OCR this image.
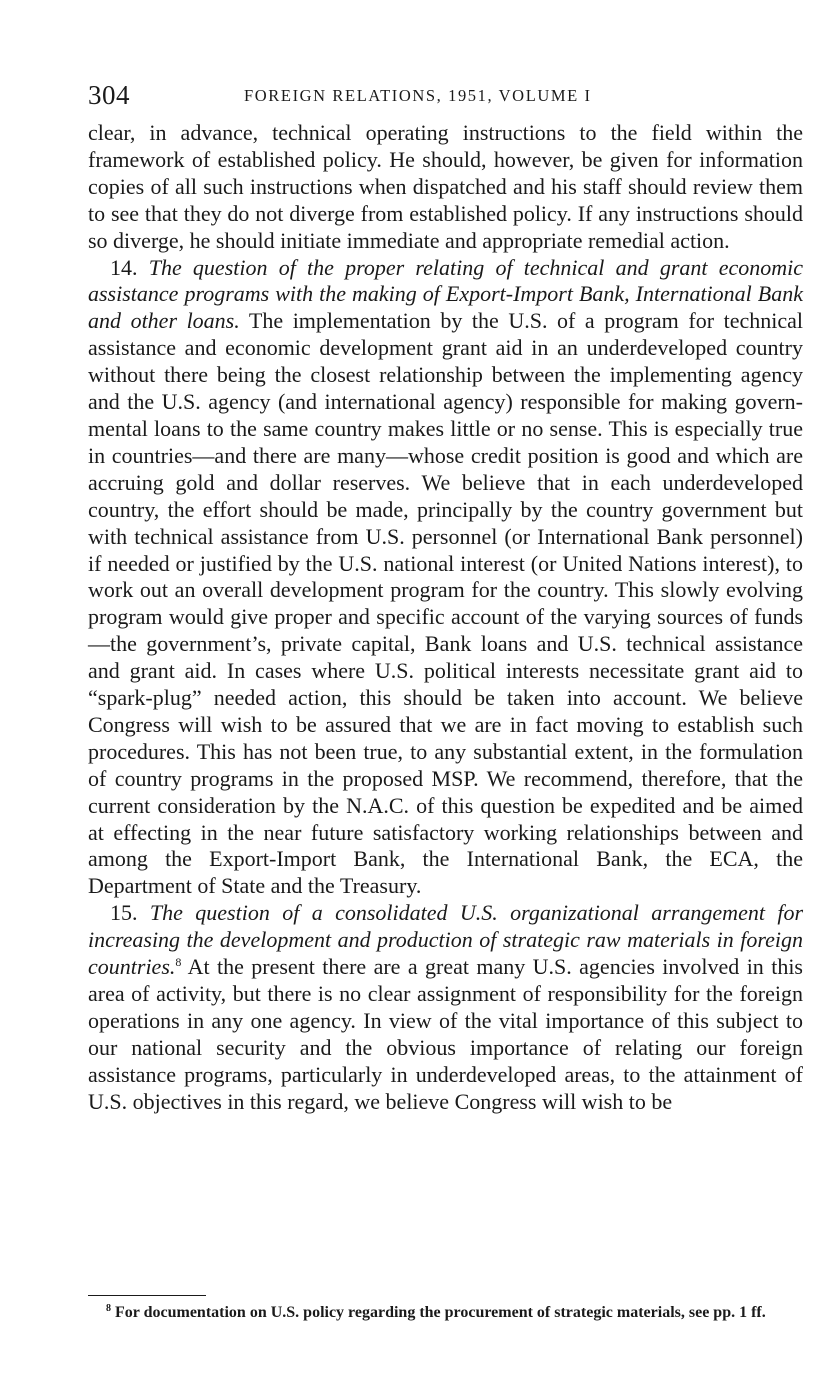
304	FOREIGN RELATIONS, 1951, VOLUME I

clear, in advance, technical operating instructions to the field within the framework of established policy. He should, however, be given for information copies of all such instructions when dispatched and his staff should review them to see that they do not diverge from established policy. If any instructions should so diverge, he should initiate immediate and appropriate remedial action.

14. The question of the proper relating of technical and grant economic assistance programs with the making of Export-Import Bank, International Bank and other loans. The implementation by the U.S. of a program for technical assistance and economic development grant aid in an underdeveloped country without there being the closest relationship between the implementing agency and the U.S. agency (and international agency) responsible for making governmental loans to the same country makes little or no sense. This is especially true in countries—and there are many—whose credit position is good and which are accruing gold and dollar reserves. We believe that in each underdeveloped country, the effort should be made, principally by the country government but with technical assistance from U.S. personnel (or International Bank personnel) if needed or justified by the U.S. national interest (or United Nations interest), to work out an overall development program for the country. This slowly evolving program would give proper and specific account of the varying sources of funds—the government’s, private capital, Bank loans and U.S. technical assistance and grant aid. In cases where U.S. political interests necessitate grant aid to “spark-plug” needed action, this should be taken into account. We believe Congress will wish to be assured that we are in fact moving to establish such procedures. This has not been true, to any substantial extent, in the formulation of country programs in the proposed MSP. We recommend, therefore, that the current consideration by the N.A.C. of this question be expedited and be aimed at effecting in the near future satisfactory working relationships between and among the Export-Import Bank, the International Bank, the ECA, the Department of State and the Treasury.

15. The question of a consolidated U.S. organizational arrangement for increasing the development and production of strategic raw materials in foreign countries.$^8$ At the present there are a great many U.S. agencies involved in this area of activity, but there is no clear assignment of responsibility for the foreign operations in any one agency. In view of the vital importance of this subject to our national security and the obvious importance of relating our foreign assistance programs, particularly in underdeveloped areas, to the attainment of U.S. objectives in this regard, we believe Congress will wish to be

$^8$ For documentation on U.S. policy regarding the procurement of strategic materials, see pp. 1 ff.
